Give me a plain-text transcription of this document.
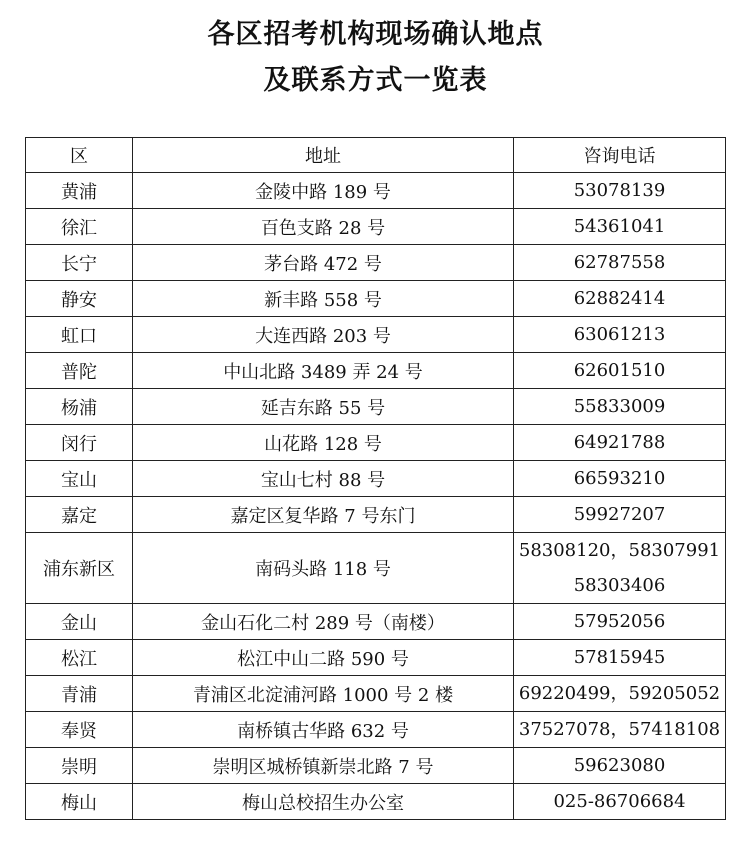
各区招考机构现场确认地点
及联系方式一览表
区	地址	咨询电话
黄浦	金陵中路 189 号	53078139

徐汇	百色支路 28 号	54361041

长宁	茅台路 472 号	62787558

静安	新丰路 558 号	62882414

虹口	大连西路 203 号	63061213

普陀	中山北路 3489 弄 24 号	62601510

杨浦	延吉东路 55 号	55833009

闵行	山花路 128 号	64921788

宝山	宝山七村 88 号	66593210

嘉定	嘉定区复华路 7 号东门	59927207

浦东新区	南码头路 118 号	58308120，58307991
58303406

金山	金山石化二村 289 号（南楼）	57952056

松江	松江中山二路 590 号	57815945

青浦	青浦区北淀浦河路 1000 号 2 楼	69220499，59205052

奉贤	南桥镇古华路 632 号	37527078，57418108

崇明	崇明区城桥镇新崇北路 7 号	59623080

梅山	梅山总校招生办公室	025-86706684
